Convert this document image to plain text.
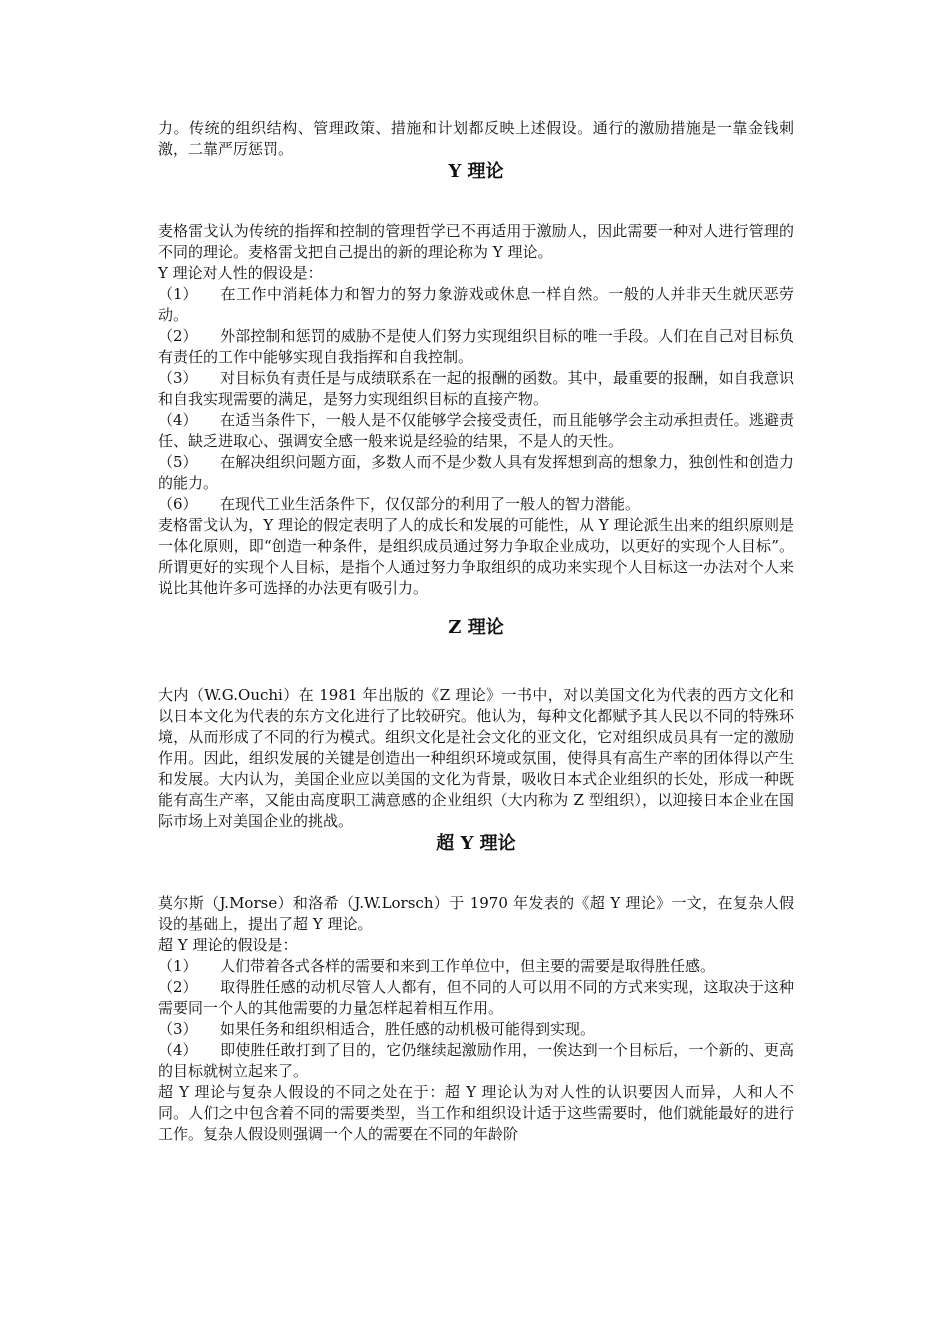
力。传统的组织结构、管理政策、措施和计划都反映上述假设。通行的激励措施是一靠金钱刺激，二靠严厉惩罚。

Y 理论

麦格雷戈认为传统的指挥和控制的管理哲学已不再适用于激励人，因此需要一种对人进行管理的不同的理论。麦格雷戈把自己提出的新的理论称为 Y 理论。

Y 理论对人性的假设是：

（1） 在工作中消耗体力和智力的努力象游戏或休息一样自然。一般的人并非天生就厌恶劳动。

（2） 外部控制和惩罚的威胁不是使人们努力实现组织目标的唯一手段。人们在自己对目标负有责任的工作中能够实现自我指挥和自我控制。

（3） 对目标负有责任是与成绩联系在一起的报酬的函数。其中，最重要的报酬，如自我意识和自我实现需要的满足，是努力实现组织目标的直接产物。

（4） 在适当条件下，一般人是不仅能够学会接受责任，而且能够学会主动承担责任。逃避责任、缺乏进取心、强调安全感一般来说是经验的结果，不是人的天性。

（5） 在解决组织问题方面，多数人而不是少数人具有发挥想到高的想象力，独创性和创造力的能力。

（6） 在现代工业生活条件下，仅仅部分的利用了一般人的智力潜能。

麦格雷戈认为，Y 理论的假定表明了人的成长和发展的可能性，从 Y 理论派生出来的组织原则是一体化原则，即“创造一种条件，是组织成员通过努力争取企业成功，以更好的实现个人目标”。所谓更好的实现个人目标，是指个人通过努力争取组织的成功来实现个人目标这一办法对个人来说比其他许多可选择的办法更有吸引力。

Z 理论

大内（W.G.Ouchi）在 1981 年出版的《Z 理论》一书中，对以美国文化为代表的西方文化和以日本文化为代表的东方文化进行了比较研究。他认为，每种文化都赋予其人民以不同的特殊环境，从而形成了不同的行为模式。组织文化是社会文化的亚文化，它对组织成员具有一定的激励作用。因此，组织发展的关键是创造出一种组织环境或氛围，使得具有高生产率的团体得以产生和发展。大内认为，美国企业应以美国的文化为背景，吸收日本式企业组织的长处，形成一种既能有高生产率，又能由高度职工满意感的企业组织（大内称为 Z 型组织），以迎接日本企业在国际市场上对美国企业的挑战。

超 Y 理论

莫尔斯（J.Morse）和洛希（J.W.Lorsch）于 1970 年发表的《超 Y 理论》一文，在复杂人假设的基础上，提出了超 Y 理论。

超 Y 理论的假设是：

（1） 人们带着各式各样的需要和来到工作单位中，但主要的需要是取得胜任感。

（2） 取得胜任感的动机尽管人人都有，但不同的人可以用不同的方式来实现，这取决于这种需要同一个人的其他需要的力量怎样起着相互作用。

（3） 如果任务和组织相适合，胜任感的动机极可能得到实现。

（4） 即使胜任敢打到了目的，它仍继续起激励作用，一俟达到一个目标后，一个新的、更高的目标就树立起来了。

超 Y 理论与复杂人假设的不同之处在于：超 Y 理论认为对人性的认识要因人而异，人和人不同。人们之中包含着不同的需要类型，当工作和组织设计适于这些需要时，他们就能最好的进行工作。复杂人假设则强调一个人的需要在不同的年龄阶
